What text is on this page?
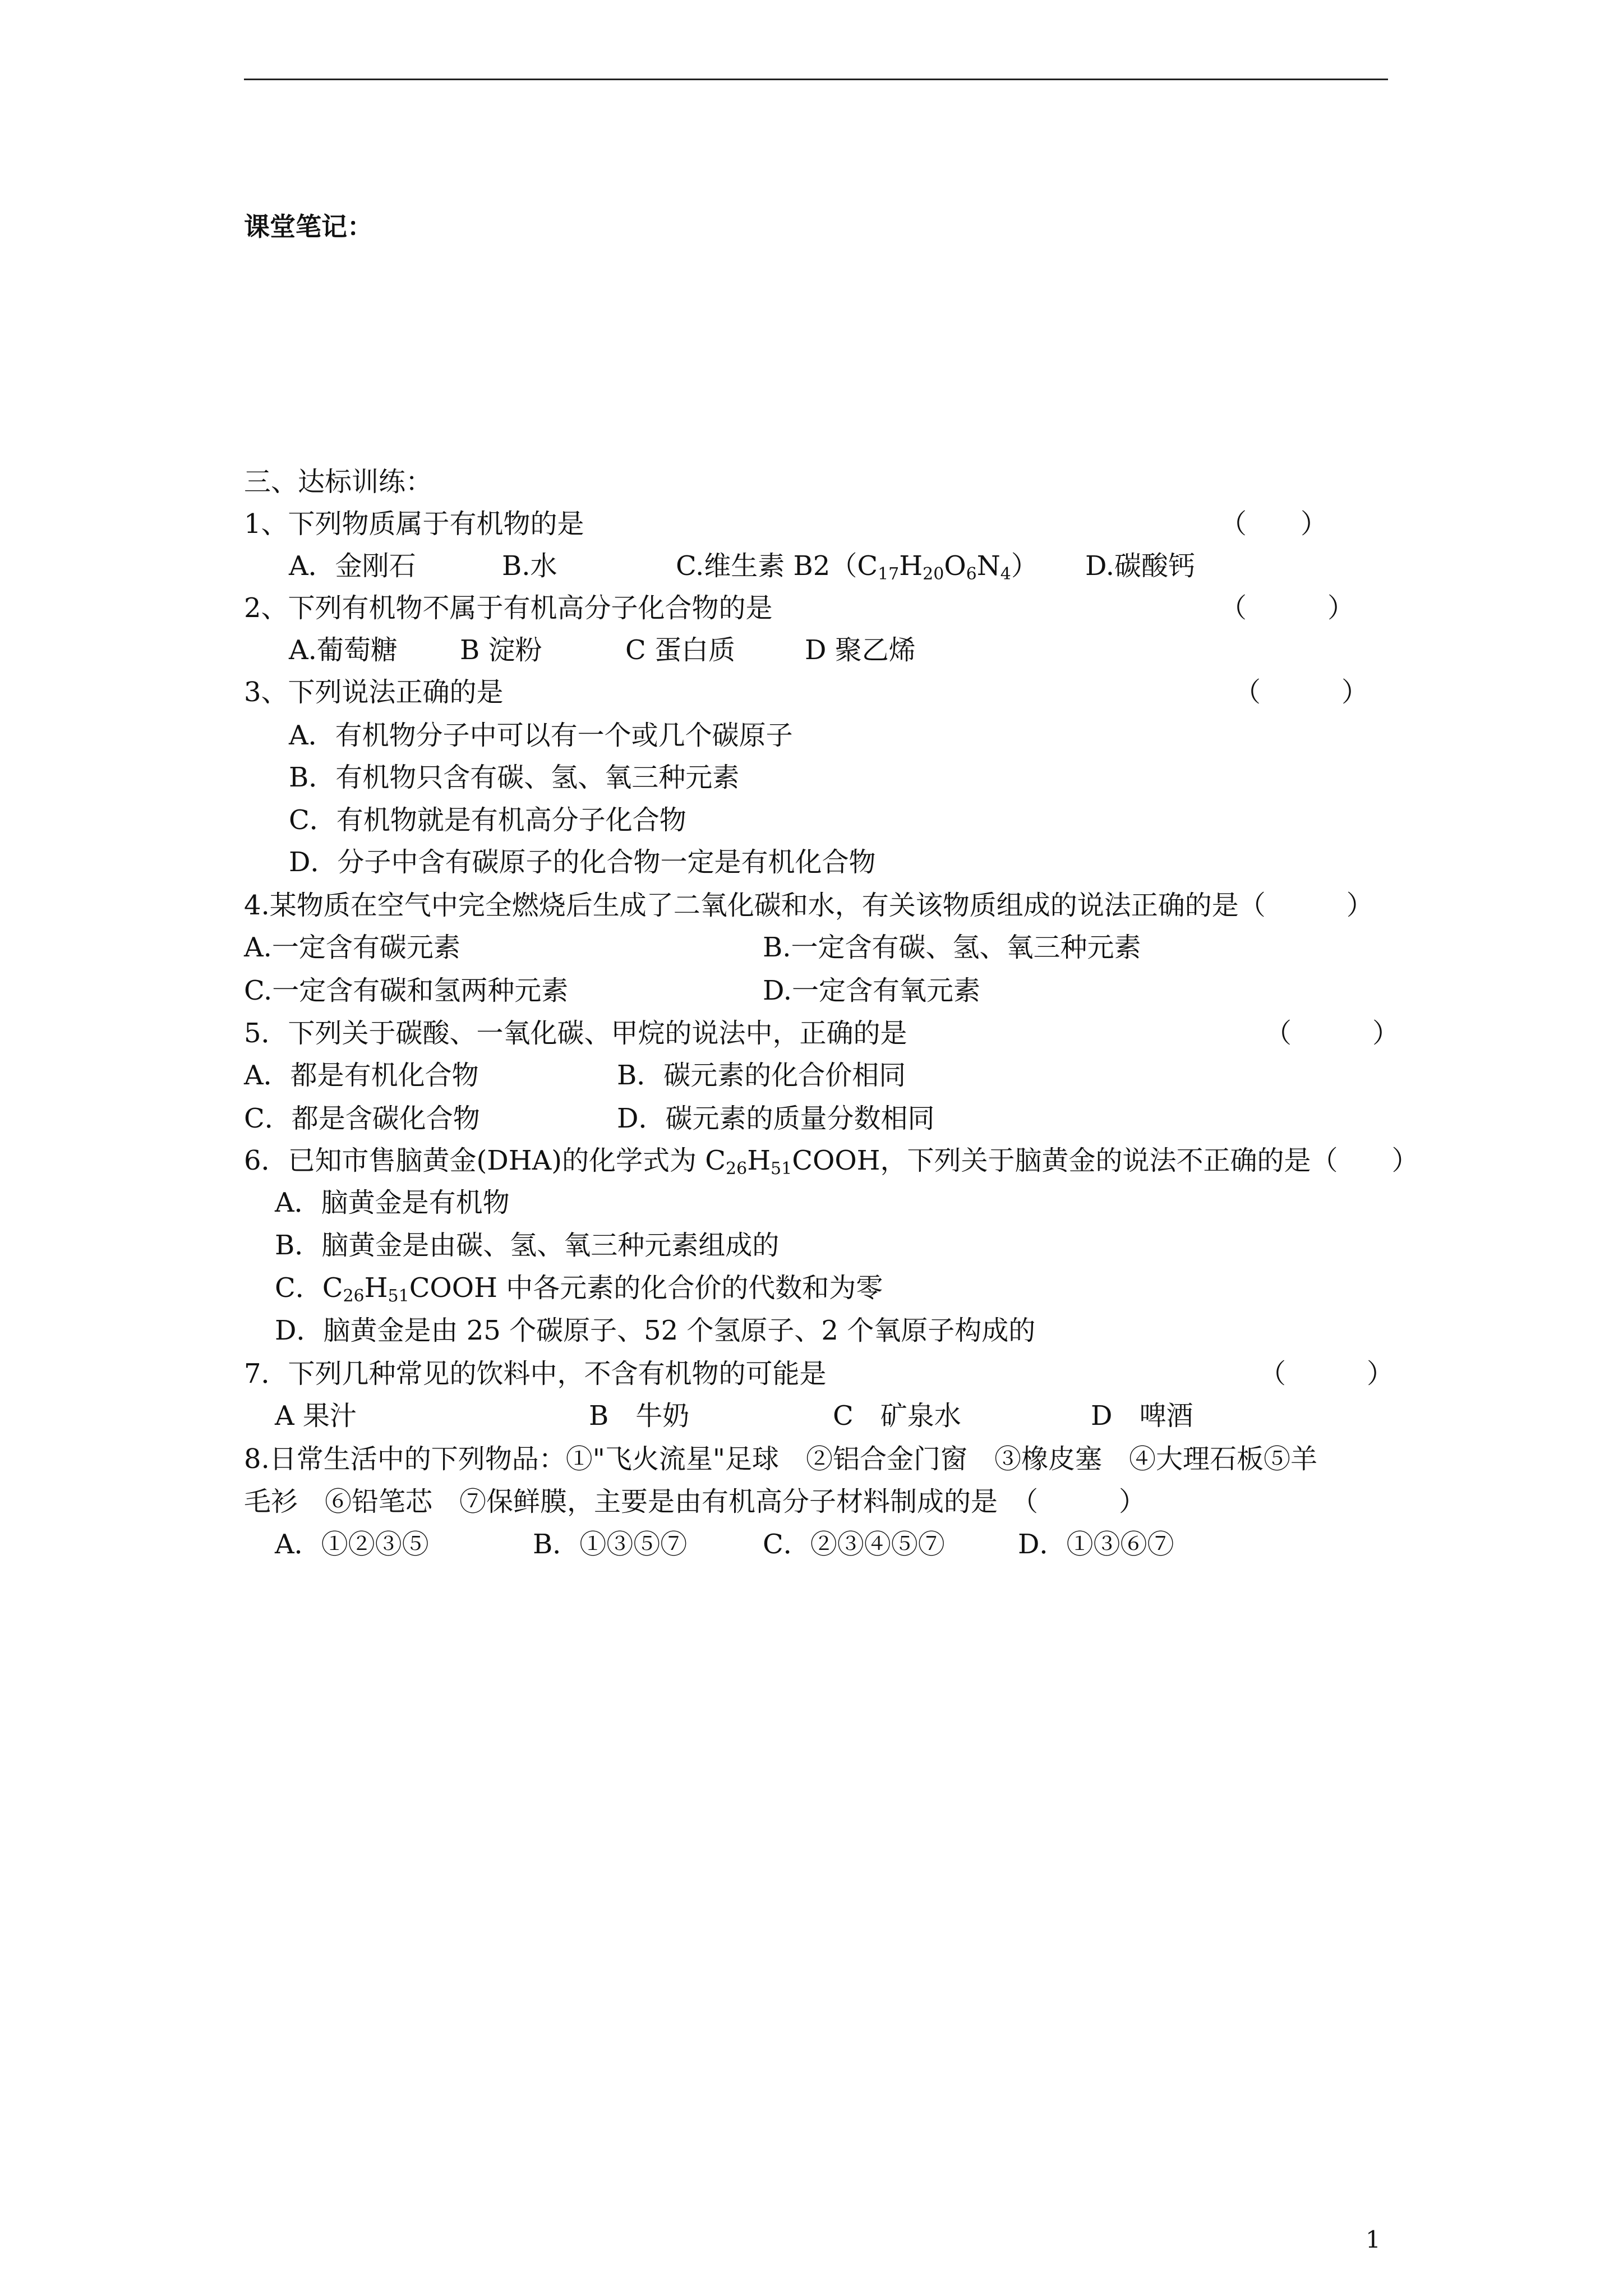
课堂笔记：
三、达标训练：
1、下列物质属于有机物的是	（　　）
A．金刚石	B.水	C.维生素 $B2(C_{17}H_{20}O_6N_4)$ D.碳酸钙
2、下列有机物不属于有机高分子化合物的是	（　　　）
A.葡萄糖 B 淀粉	C 蛋白质	D 聚乙烯
3、下列说法正确的是	（　　　）
A．有机物分子中可以有一个或几个碳原子
B．有机物只含有碳、氢、氧三种元素
C．有机物就是有机高分子化合物
D．分子中含有碳原子的化合物一定是有机化合物
4.某物质在空气中完全燃烧后生成了二氧化碳和水，有关该物质组成的说法正确的是（　　　）
A.一定含有碳元素	B.一定含有碳、氢、氧三种元素
C.一定含有碳和氢两种元素	D.一定含有氧元素
5．下列关于碳酸、一氧化碳、甲烷的说法中，正确的是	（　　　）
A．都是有机化合物	B．碳元素的化合价相同
C．都是含碳化合物	D．碳元素的质量分数相同
6．已知市售脑黄金(DHA)的化学式为 $C_{26}H_{51}COOH$，下列关于脑黄金的说法不正确的是（　　）
A．脑黄金是有机物
B．脑黄金是由碳、氢、氧三种元素组成的
C．$C_{26}H_{51}COOH$ 中各元素的化合价的代数和为零
D．脑黄金是由 25 个碳原子、52 个氢原子、2 个氧原子构成的
7．下列几种常见的饮料中，不含有机物的可能是	（　　　）
A 果汁	B　牛奶	C　矿泉水	D　啤酒
8.日常生活中的下列物品：①"飞火流星"足球　②铝合金门窗　③橡皮塞　④大理石板⑤羊
毛衫　⑥铅笔芯　⑦保鲜膜，主要是由有机高分子材料制成的是　（　　　）
A．①②③⑤	B．①③⑤⑦	C．②③④⑤⑦	D．①③⑥⑦
1
